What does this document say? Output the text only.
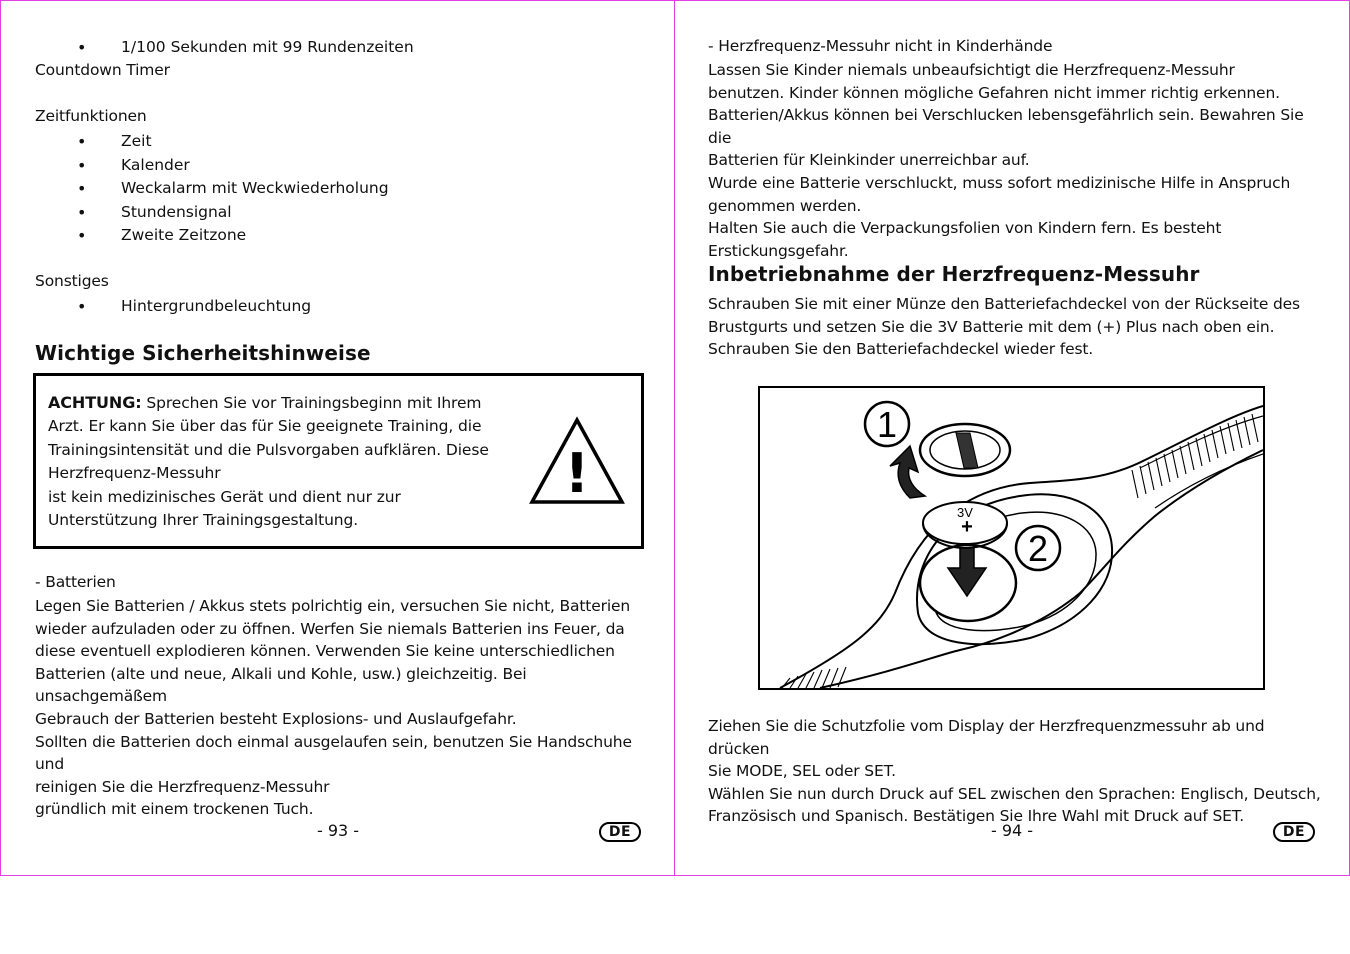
• 1/100 Sekunden mit 99 Rundenzeiten
Countdown Timer
Zeitfunktionen
• Zeit
• Kalender
• Weckalarm mit Weckwiederholung
• Stundensignal
• Zweite Zeitzone
Sonstiges
• Hintergrundbeleuchtung
Wichtige Sicherheitshinweise
ACHTUNG: Sprechen Sie vor Trainingsbeginn mit Ihrem
Arzt. Er kann Sie über das für Sie geeignete Training, die
Trainingsintensität und die Pulsvorgaben aufklären. Diese
Herzfrequenz-Messuhr
ist kein medizinisches Gerät und dient nur zur
Unterstützung Ihrer Trainingsgestaltung.
!
- Batterien
Legen Sie Batterien / Akkus stets polrichtig ein, versuchen Sie nicht, Batterien
wieder aufzuladen oder zu öffnen. Werfen Sie niemals Batterien ins Feuer, da
diese eventuell explodieren können. Verwenden Sie keine unterschiedlichen
Batterien (alte und neue, Alkali und Kohle, usw.) gleichzeitig. Bei unsachgemäßem
Gebrauch der Batterien besteht Explosions- und Auslaufgefahr.
Sollten die Batterien doch einmal ausgelaufen sein, benutzen Sie Handschuhe und
reinigen Sie die Herzfrequenz-Messuhr
gründlich mit einem trockenen Tuch.
- 93 -	DE
- Herzfrequenz-Messuhr nicht in Kinderhände
Lassen Sie Kinder niemals unbeaufsichtigt die Herzfrequenz-Messuhr
benutzen. Kinder können mögliche Gefahren nicht immer richtig erkennen.
Batterien/Akkus können bei Verschlucken lebensgefährlich sein. Bewahren Sie die
Batterien für Kleinkinder unerreichbar auf.
Wurde eine Batterie verschluckt, muss sofort medizinische Hilfe in Anspruch
genommen werden.
Halten Sie auch die Verpackungsfolien von Kindern fern. Es besteht
Erstickungsgefahr.
Inbetriebnahme der Herzfrequenz-Messuhr
Schrauben Sie mit einer Münze den Batteriefachdeckel von der Rückseite des
Brustgurts und setzen Sie die 3V Batterie mit dem (+) Plus nach oben ein.
Schrauben Sie den Batteriefachdeckel wieder fest.
1
2
3V
+
Ziehen Sie die Schutzfolie vom Display der Herzfrequenzmessuhr ab und drücken
Sie MODE, SEL oder SET.
Wählen Sie nun durch Druck auf SEL zwischen den Sprachen: Englisch, Deutsch,
Französisch und Spanisch. Bestätigen Sie Ihre Wahl mit Druck auf SET.
- 94 -	DE
